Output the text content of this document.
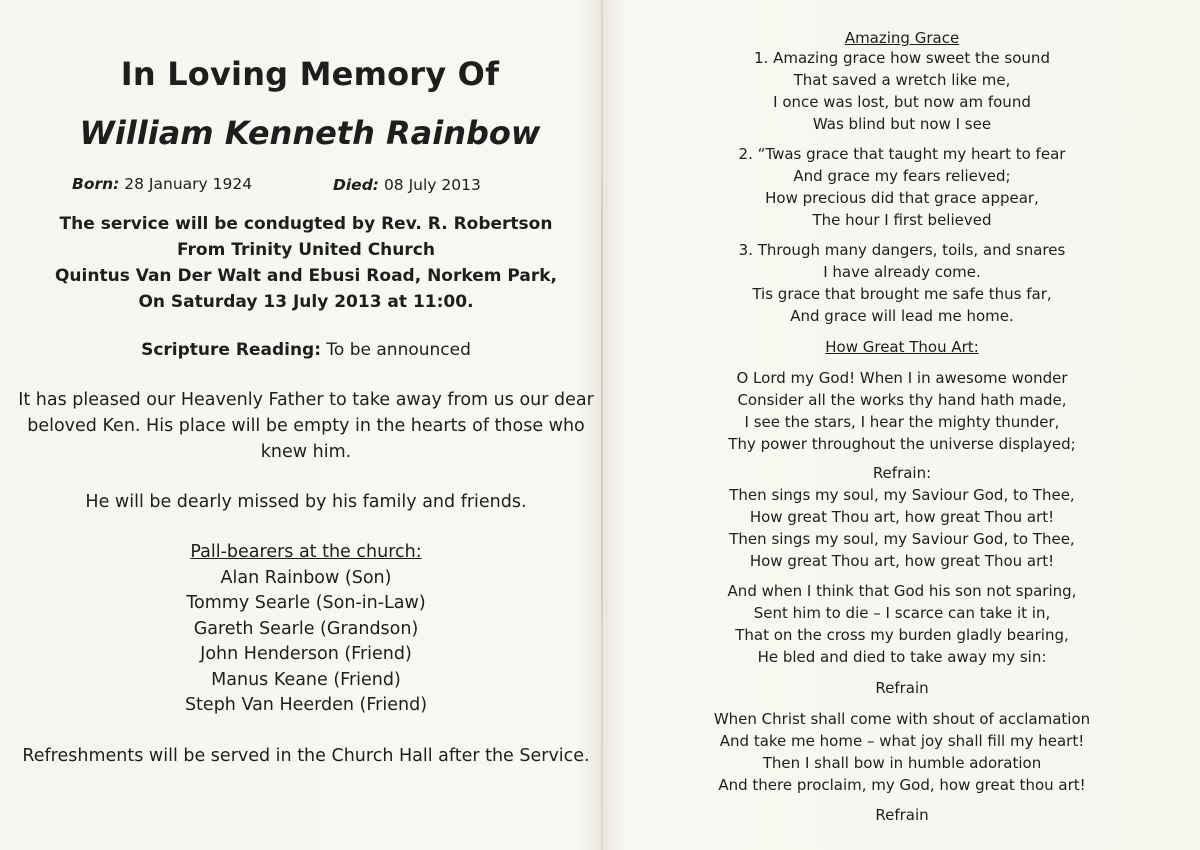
In Loving Memory Of
William Kenneth Rainbow
Born: 28 January 1924	Died: 08 July 2013
The service will be condugted by Rev. R. Robertson
From Trinity United Church
Quintus Van Der Walt and Ebusi Road, Norkem Park,
On Saturday 13 July 2013 at 11:00.
Scripture Reading: To be announced
It has pleased our Heavenly Father to take away from us our dear
beloved Ken. His place will be empty in the hearts of those who
knew him.
He will be dearly missed by his family and friends.
Pall-bearers at the church:
Alan Rainbow (Son)
Tommy Searle (Son-in-Law)
Gareth Searle (Grandson)
John Henderson (Friend)
Manus Keane (Friend)
Steph Van Heerden (Friend)
Refreshments will be served in the Church Hall after the Service.
Amazing Grace
1. Amazing grace how sweet the sound
That saved a wretch like me,
I once was lost, but now am found
Was blind but now I see
2. “Twas grace that taught my heart to fear
And grace my fears relieved;
How precious did that grace appear,
The hour I first believed
3. Through many dangers, toils, and snares
I have already come.
Tis grace that brought me safe thus far,
And grace will lead me home.
How Great Thou Art:
O Lord my God! When I in awesome wonder
Consider all the works thy hand hath made,
I see the stars, I hear the mighty thunder,
Thy power throughout the universe displayed;
Refrain:
Then sings my soul, my Saviour God, to Thee,
How great Thou art, how great Thou art!
Then sings my soul, my Saviour God, to Thee,
How great Thou art, how great Thou art!
And when I think that God his son not sparing,
Sent him to die – I scarce can take it in,
That on the cross my burden gladly bearing,
He bled and died to take away my sin:
Refrain
When Christ shall come with shout of acclamation
And take me home – what joy shall fill my heart!
Then I shall bow in humble adoration
And there proclaim, my God, how great thou art!
Refrain
